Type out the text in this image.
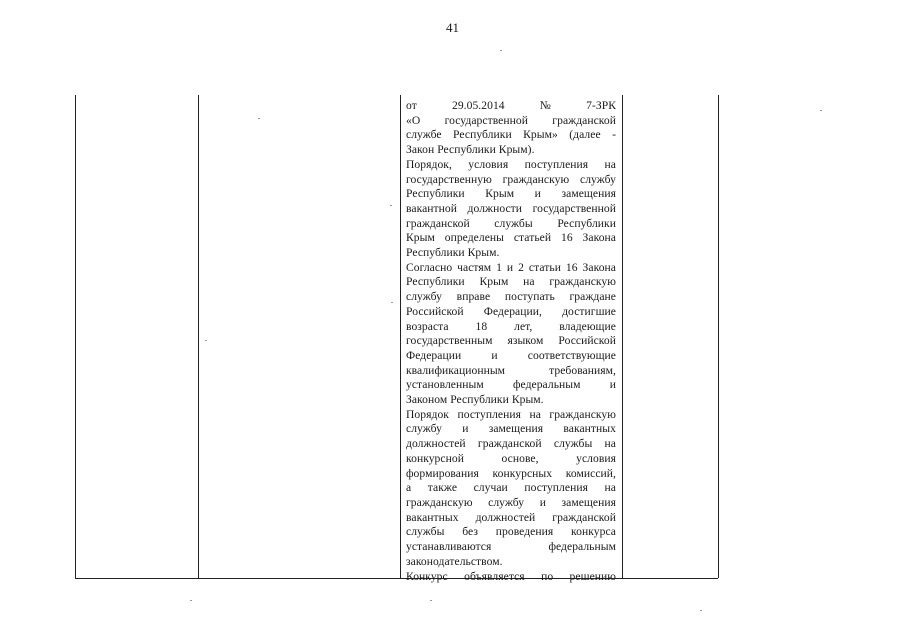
41
от	29.05.2014	№	7-ЗРК
«О государственной гражданской
службе Республики Крым» (далее -
Закон Республики Крым).
Порядок, условия поступления на
государственную гражданскую службу
Республики Крым и замещения
вакантной должности государственной
гражданской службы Республики
Крым определены статьей 16 Закона
Республики Крым.
Согласно частям 1 и 2 статьи 16 Закона
Республики Крым на гражданскую
службу вправе поступать граждане
Российской Федерации, достигшие
возраста 18 лет, владеющие
государственным языком Российской
Федерации и соответствующие
квалификационным требованиям,
установленным федеральным и
Законом Республики Крым.
Порядок поступления на гражданскую
службу и замещения вакантных
должностей гражданской службы на
конкурсной основе, условия
формирования конкурсных комиссий,
а также случаи поступления на
гражданскую службу и замещения
вакантных должностей гражданской
службы без проведения конкурса
устанавливаются федеральным
законодательством.
Конкурс объявляется по решению
